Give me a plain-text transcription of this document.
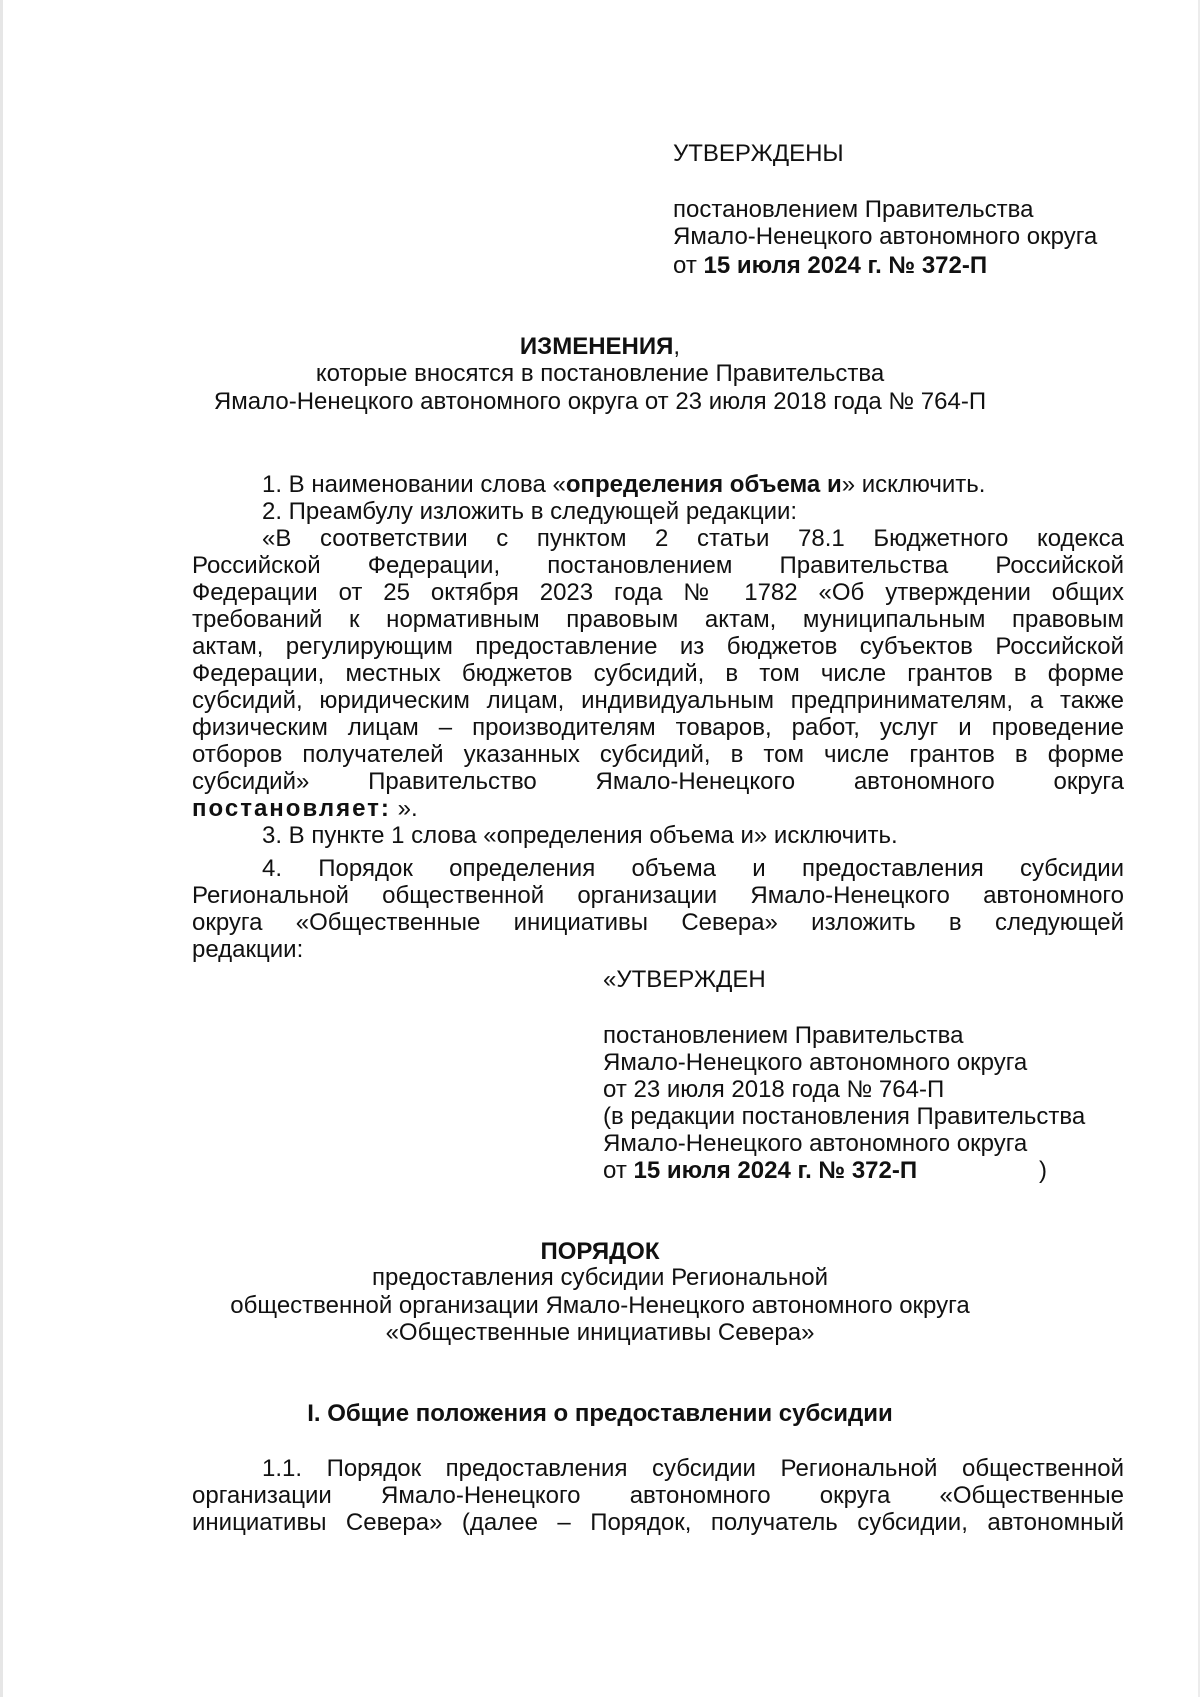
УТВЕРЖДЕНЫ
постановлением Правительства
Ямало-Ненецкого автономного округа
от 15 июля 2024 г. № 372-П
ИЗМЕНЕНИЯ,
которые вносятся в постановление Правительства
Ямало-Ненецкого автономного округа от 23 июля 2018 года № 764-П
1. В наименовании слова «определения объема и» исключить.
2. Преамбулу изложить в следующей редакции:
«В соответствии с пунктом 2 статьи 78.1 Бюджетного кодекса
Российской Федерации, постановлением Правительства Российской
Федерации от 25 октября 2023 года № 1782 «Об утверждении общих
требований к нормативным правовым актам, муниципальным правовым
актам, регулирующим предоставление из бюджетов субъектов Российской
Федерации, местных бюджетов субсидий, в том числе грантов в форме
субсидий, юридическим лицам, индивидуальным предпринимателям, а также
физическим лицам – производителям товаров, работ, услуг и проведение
отборов получателей указанных субсидий, в том числе грантов в форме
субсидий» Правительство Ямало-Ненецкого автономного округа
постановляет: ».
3. В пункте 1 слова «определения объема и» исключить.
4. Порядок определения объема и предоставления субсидии
Региональной общественной организации Ямало-Ненецкого автономного
округа «Общественные инициативы Севера» изложить в следующей
редакции:
«УТВЕРЖДЕН
постановлением Правительства
Ямало-Ненецкого автономного округа
от 23 июля 2018 года № 764-П
(в редакции постановления Правительства
Ямало-Ненецкого автономного округа
от 15 июля 2024 г. № 372-П	)
ПОРЯДОК
предоставления субсидии Региональной
общественной организации Ямало-Ненецкого автономного округа
«Общественные инициативы Севера»
I. Общие положения о предоставлении субсидии
1.1. Порядок предоставления субсидии Региональной общественной
организации Ямало-Ненецкого автономного округа «Общественные
инициативы Севера» (далее – Порядок, получатель субсидии, автономный
